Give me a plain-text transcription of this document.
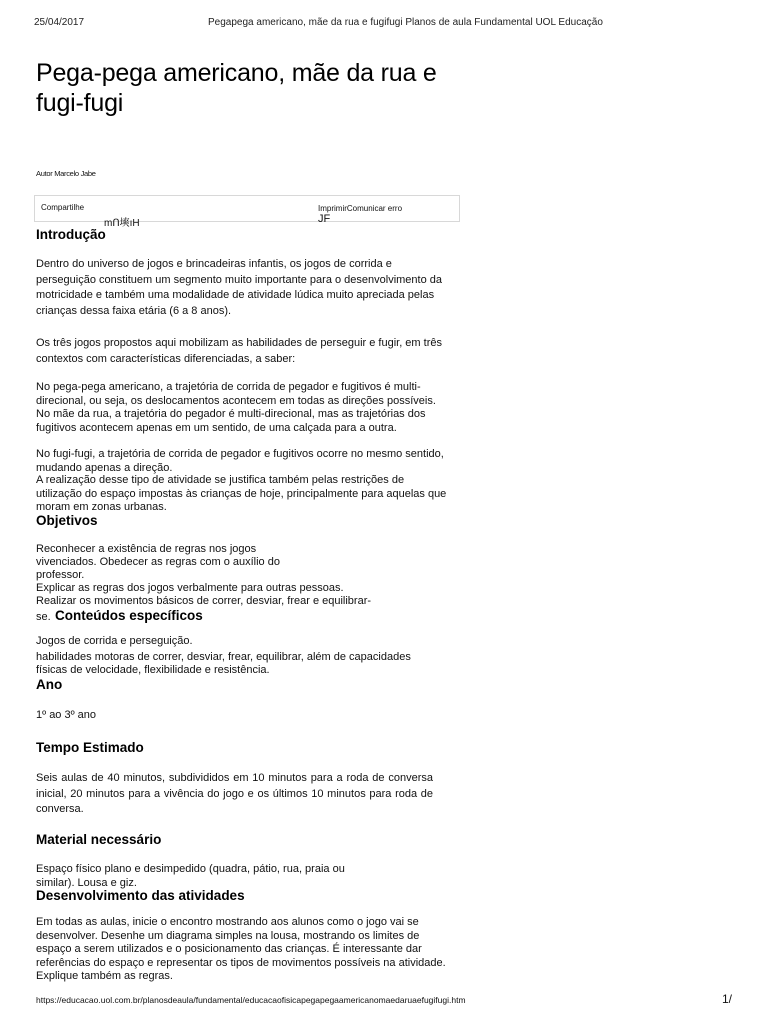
25/04/2017	Pegapega americano, mãe da rua e fugifugi Planos de aula Fundamental UOL Educação
Pega-pega americano, mãe da rua e fugi-fugi
Autor Marcelo Jabe
Compartilhe
mՈ塽ıH
ImprimirComunicar erro
JF
Introdução
Dentro do universo de jogos e brincadeiras infantis, os jogos de corrida e perseguição constituem um segmento muito importante para o desenvolvimento da motricidade e também uma modalidade de atividade lúdica muito apreciada pelas crianças dessa faixa etária (6 a 8 anos).
Os três jogos propostos aqui mobilizam as habilidades de perseguir e fugir, em três contextos com características diferenciadas, a saber:
No pega-pega americano, a trajetória de corrida de pegador e fugitivos é multi-direcional, ou seja, os deslocamentos acontecem em todas as direções possíveis. No mãe da rua, a trajetória do pegador é multi-direcional, mas as trajetórias dos fugitivos acontecem apenas em um sentido, de uma calçada para a outra.
No fugi-fugi, a trajetória de corrida de pegador e fugitivos ocorre no mesmo sentido, mudando apenas a direção.
A realização desse tipo de atividade se justifica também pelas restrições de utilização do espaço impostas às crianças de hoje, principalmente para aquelas que moram em zonas urbanas.
Objetivos
Reconhecer a existência de regras nos jogos
vivenciados. Obedecer as regras com o auxílio do
professor.
Explicar as regras dos jogos verbalmente para outras pessoas.
Realizar os movimentos básicos de correr, desviar, frear e equilibrar-
se. Conteúdos específicos
Jogos de corrida e perseguição.
habilidades motoras de correr, desviar, frear, equilibrar, além de capacidades
físicas de velocidade, flexibilidade e resistência.
Ano
1º ao 3º ano
Tempo Estimado
Seis aulas de 40 minutos, subdivididos em 10 minutos para a roda de conversa inicial, 20 minutos para a vivência do jogo e os últimos 10 minutos para roda de conversa.
Material necessário
Espaço físico plano e desimpedido (quadra, pátio, rua, praia ou
similar). Lousa e giz.
Desenvolvimento das atividades
Em todas as aulas, inicie o encontro mostrando aos alunos como o jogo vai se desenvolver. Desenhe um diagrama simples na lousa, mostrando os limites de espaço a serem utilizados e o posicionamento das crianças. É interessante dar referências do espaço e representar os tipos de movimentos possíveis na atividade. Explique também as regras.
https://educacao.uol.com.br/planosdeaula/fundamental/educacaofisicapegapegaamericanomaedaruaefugifugi.htm	1/
